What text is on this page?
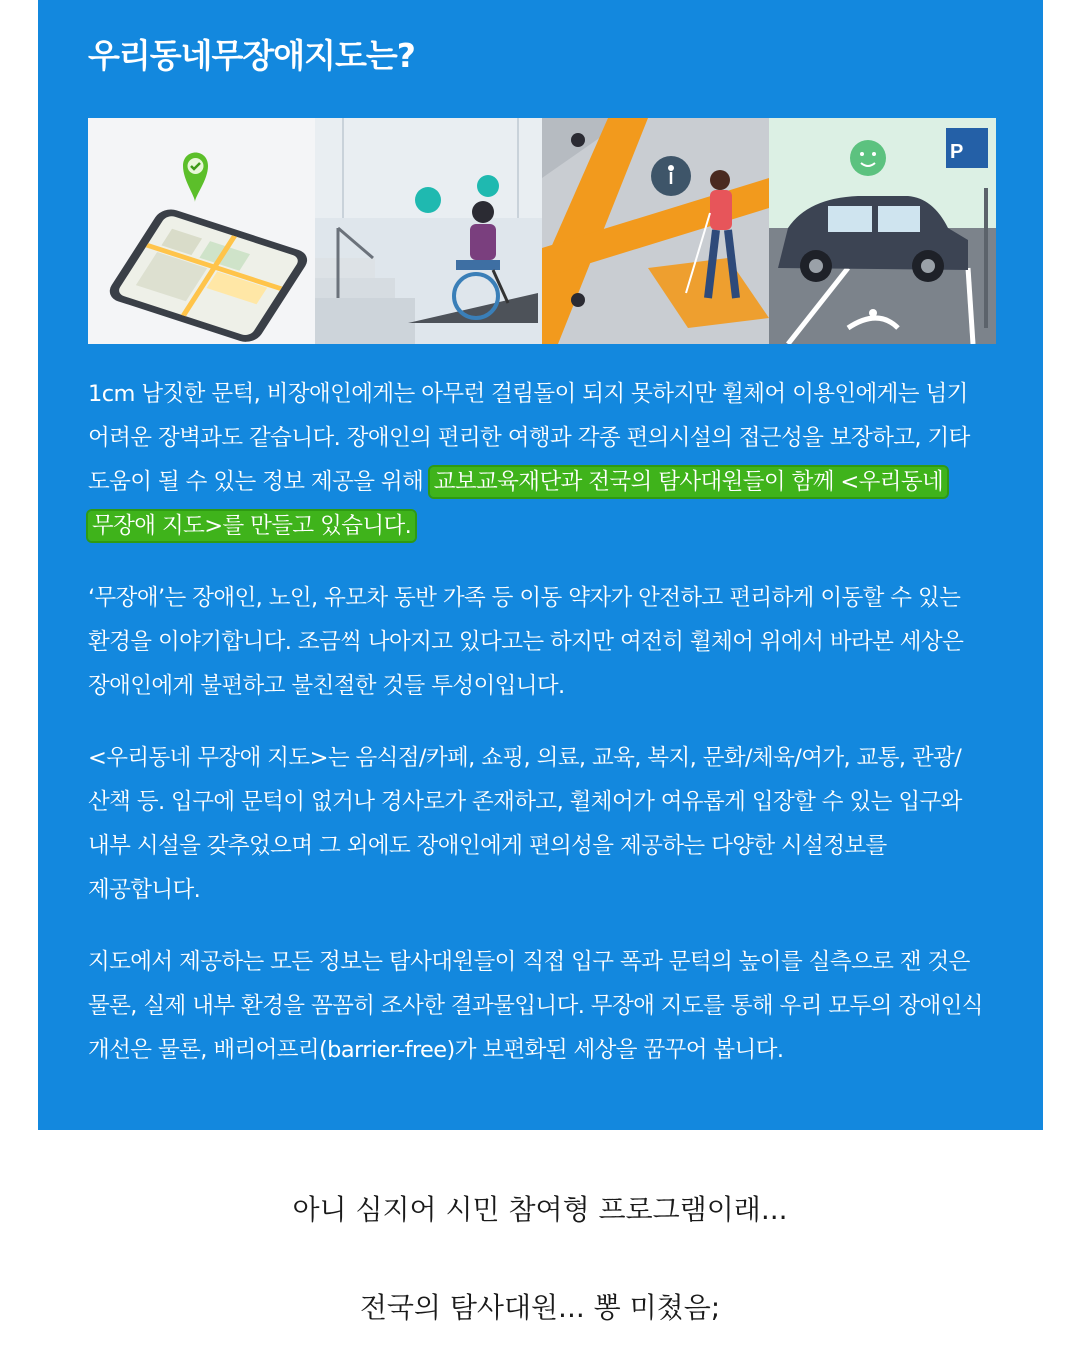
우리동네무장애지도는?
P

1cm 남짓한 문턱, 비장애인에게는 아무런 걸림돌이 되지 못하지만 휠체어 이용인에게는 넘기 어려운 장벽과도 같습니다. 장애인의 편리한 여행과 각종 편의시설의 접근성을 보장하고, 기타 도움이 될 수 있는 정보 제공을 위해 교보교육재단과 전국의 탐사대원들이 함께 <우리동네 무장애 지도>를 만들고 있습니다.

‘무장애’는 장애인, 노인, 유모차 동반 가족 등 이동 약자가 안전하고 편리하게 이동할 수 있는 환경을 이야기합니다. 조금씩 나아지고 있다고는 하지만 여전히 휠체어 위에서 바라본 세상은 장애인에게 불편하고 불친절한 것들 투성이입니다.

<우리동네 무장애 지도>는 음식점/카페, 쇼핑, 의료, 교육, 복지, 문화/체육/여가, 교통, 관광/산책 등. 입구에 문턱이 없거나 경사로가 존재하고, 휠체어가 여유롭게 입장할 수 있는 입구와 내부 시설을 갖추었으며 그 외에도 장애인에게 편의성을 제공하는 다양한 시설정보를 제공합니다.

지도에서 제공하는 모든 정보는 탐사대원들이 직접 입구 폭과 문턱의 높이를 실측으로 잰 것은 물론, 실제 내부 환경을 꼼꼼히 조사한 결과물입니다. 무장애 지도를 통해 우리 모두의 장애인식 개선은 물론, 배리어프리(barrier-free)가 보편화된 세상을 꿈꾸어 봅니다.

아니 심지어 시민 참여형 프로그램이래...

전국의 탐사대원... 뽕 미쳤음;
